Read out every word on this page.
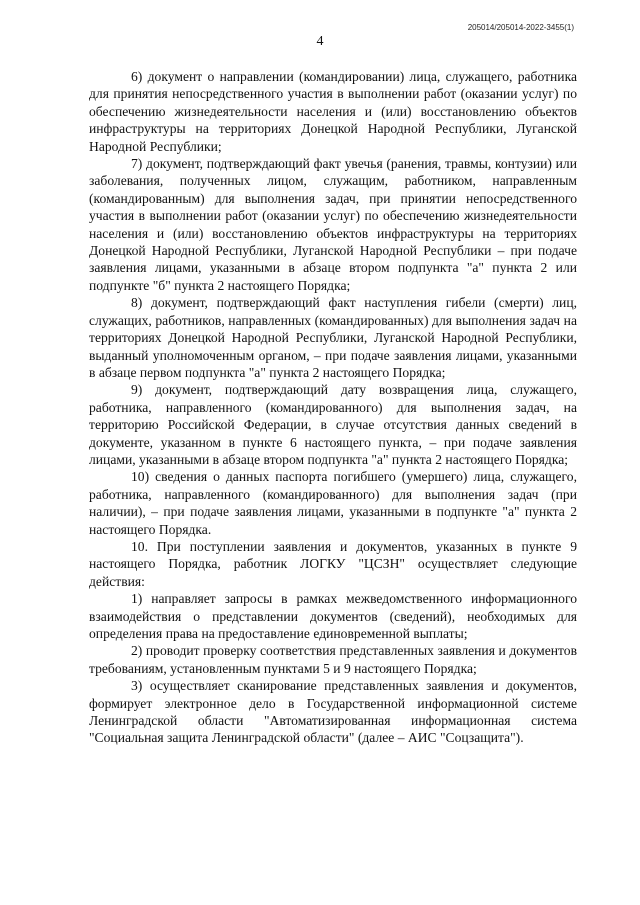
205014/205014-2022-3455(1)
4

6) документ о направлении (командировании) лица, служащего, работника для принятия непосредственного участия в выполнении работ (оказании услуг) по обеспечению жизнедеятельности населения и (или) восстановлению объектов инфраструктуры на территориях Донецкой Народной Республики, Луганской Народной Республики;

7) документ, подтверждающий факт увечья (ранения, травмы, контузии) или заболевания, полученных лицом, служащим, работником, направленным (командированным) для выполнения задач, при принятии непосредственного участия в выполнении работ (оказании услуг) по обеспечению жизнедеятельности населения и (или) восстановлению объектов инфраструктуры на территориях Донецкой Народной Республики, Луганской Народной Республики – при подаче заявления лицами, указанными в абзаце втором подпункта "а" пункта 2 или подпункте "б" пункта 2 настоящего Порядка;

8) документ, подтверждающий факт наступления гибели (смерти) лиц, служащих, работников, направленных (командированных) для выполнения задач на территориях Донецкой Народной Республики, Луганской Народной Республики, выданный уполномоченным органом, – при подаче заявления лицами, указанными в абзаце первом подпункта "а" пункта 2 настоящего Порядка;

9) документ, подтверждающий дату возвращения лица, служащего, работника, направленного (командированного) для выполнения задач, на территорию Российской Федерации, в случае отсутствия данных сведений в документе, указанном в пункте 6 настоящего пункта, – при подаче заявления лицами, указанными в абзаце втором подпункта "а" пункта 2 настоящего Порядка;

10) сведения о данных паспорта погибшего (умершего) лица, служащего, работника, направленного (командированного) для выполнения задач (при наличии), – при подаче заявления лицами, указанными в подпункте "а" пункта 2 настоящего Порядка.

10. При поступлении заявления и документов, указанных в пункте 9 настоящего Порядка, работник ЛОГКУ "ЦСЗН" осуществляет следующие действия:

1) направляет запросы в рамках межведомственного информационного взаимодействия о представлении документов (сведений), необходимых для определения права на предоставление единовременной выплаты;

2) проводит проверку соответствия представленных заявления и документов требованиям, установленным пунктами 5 и 9 настоящего Порядка;

3) осуществляет сканирование представленных заявления и документов, формирует электронное дело в Государственной информационной системе Ленинградской области "Автоматизированная информационная система "Социальная защита Ленинградской области" (далее – АИС "Соцзащита").
